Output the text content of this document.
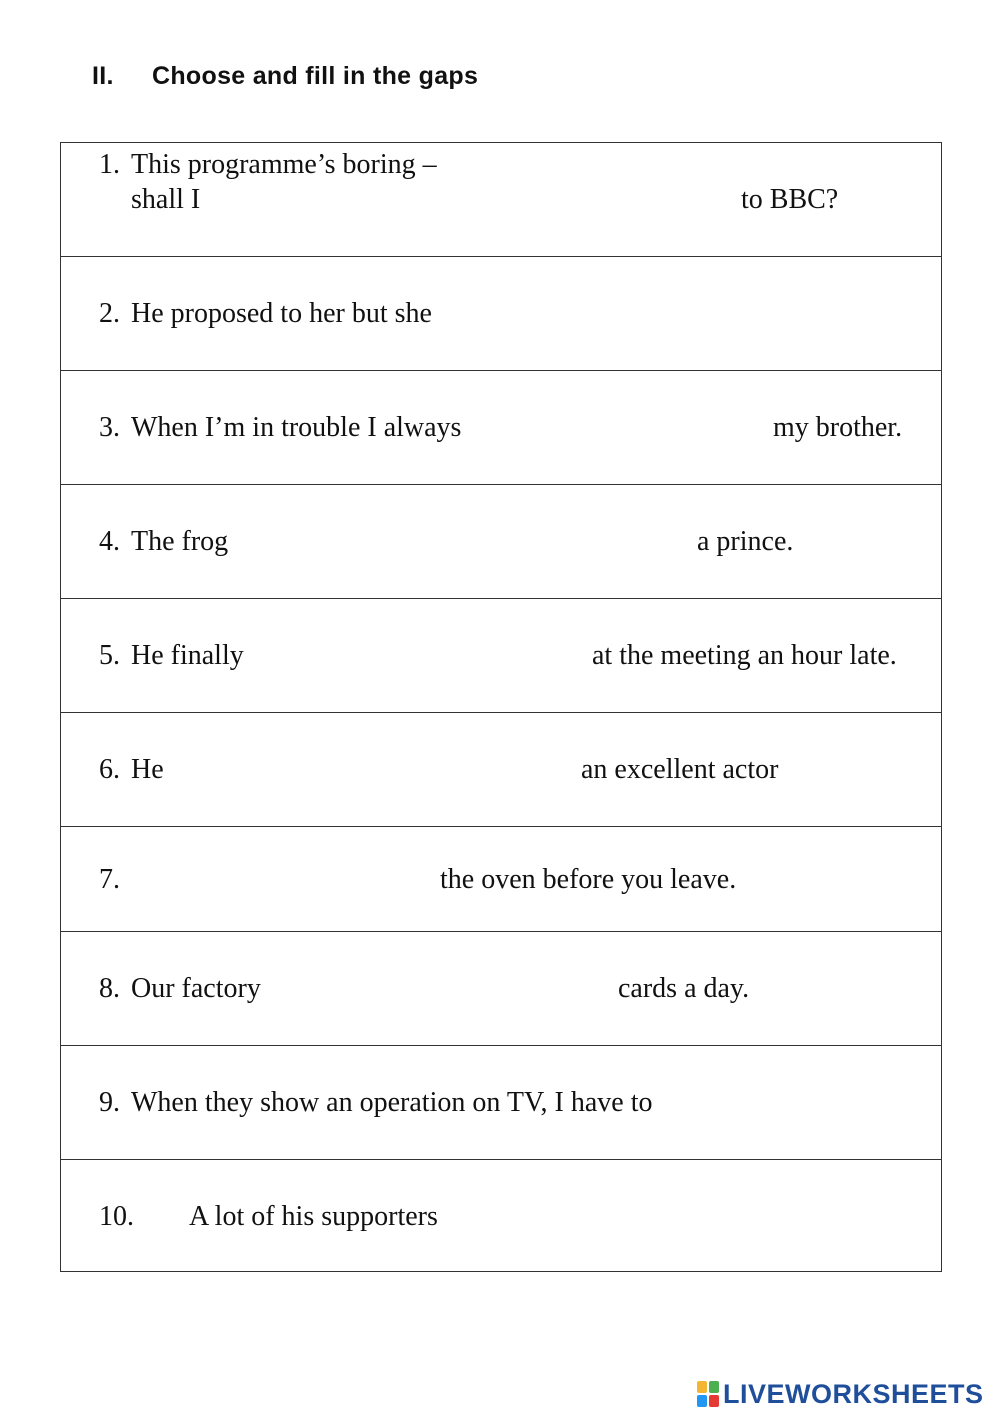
II. Choose and fill in the gaps
1. This programme’s boring –
shall I	to BBC?
2. He proposed to her but she
3. When I’m in trouble I always	my brother.
4. The frog	a prince.
5. He finally	at the meeting an hour late.
6. He	an excellent actor
7.	the oven before you leave.
8. Our factory	cards a day.
9. When they show an operation on TV, I have to
10. A lot of his supporters
LIVEWORKSHEETS
